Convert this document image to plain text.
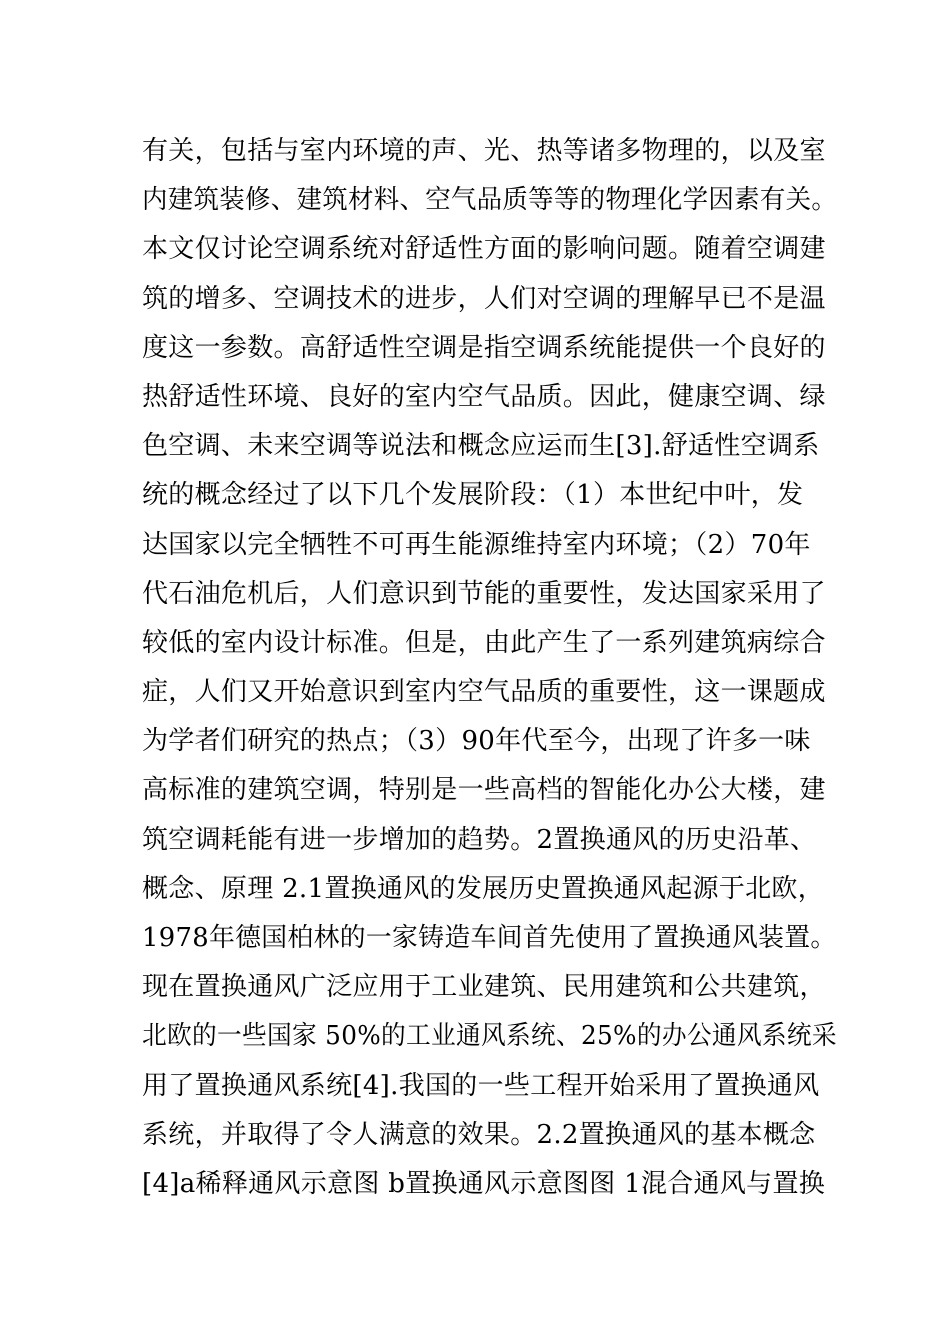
有关，包括与室内环境的声、光、热等诸多物理的，以及室
内建筑装修、建筑材料、空气品质等等的物理化学因素有关。
本文仅讨论空调系统对舒适性方面的影响问题。随着空调建
筑的增多、空调技术的进步，人们对空调的理解早已不是温
度这一参数。高舒适性空调是指空调系统能提供一个良好的
热舒适性环境、良好的室内空气品质。因此，健康空调、绿
色空调、未来空调等说法和概念应运而生[3].舒适性空调系
统的概念经过了以下几个发展阶段：（1）本世纪中叶，发
达国家以完全牺牲不可再生能源维持室内环境；（2）70年
代石油危机后，人们意识到节能的重要性，发达国家采用了
较低的室内设计标准。但是，由此产生了一系列建筑病综合
症，人们又开始意识到室内空气品质的重要性，这一课题成
为学者们研究的热点；（3）90年代至今，出现了许多一味
高标准的建筑空调，特别是一些高档的智能化办公大楼，建
筑空调耗能有进一步增加的趋势。2置换通风的历史沿革、
概念、原理 2.1置换通风的发展历史置换通风起源于北欧，
1978年德国柏林的一家铸造车间首先使用了置换通风装置。
现在置换通风广泛应用于工业建筑、民用建筑和公共建筑，
北欧的一些国家 50%的工业通风系统、25%的办公通风系统采
用了置换通风系统[4].我国的一些工程开始采用了置换通风
系统，并取得了令人满意的效果。2.2置换通风的基本概念
[4]a稀释通风示意图 b置换通风示意图图 1混合通风与置换
